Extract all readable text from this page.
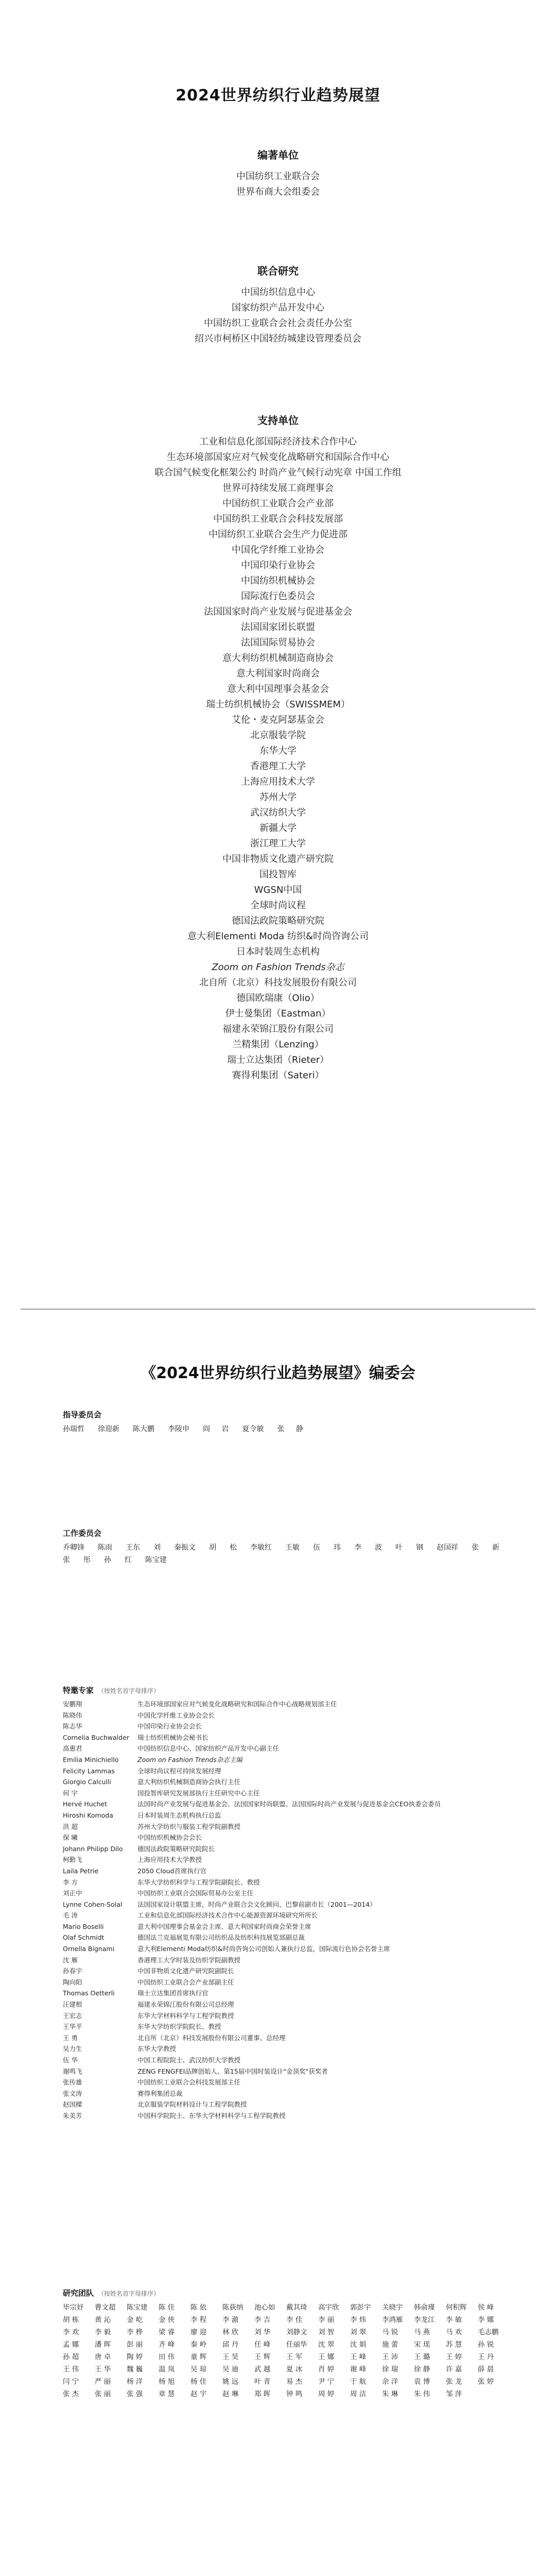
2024世界纺织行业趋势展望
编著单位
中国纺织工业联合会
世界布商大会组委会
联合研究
中国纺织信息中心
国家纺织产品开发中心
中国纺织工业联合会社会责任办公室
绍兴市柯桥区中国轻纺城建设管理委员会
支持单位
工业和信息化部国际经济技术合作中心
生态环境部国家应对气候变化战略研究和国际合作中心
联合国气候变化框架公约 时尚产业气候行动宪章 中国工作组
世界可持续发展工商理事会
中国纺织工业联合会产业部
中国纺织工业联合会科技发展部
中国纺织工业联合会生产力促进部
中国化学纤维工业协会
中国印染行业协会
中国纺织机械协会
国际流行色委员会
法国国家时尚产业发展与促进基金会
法国国家团长联盟
法国国际贸易协会
意大利纺织机械制造商协会
意大利国家时尚商会
意大利中国理事会基金会
瑞士纺织机械协会（SWISSMEM）
艾伦・麦克阿瑟基金会
北京服装学院
东华大学
香港理工大学
上海应用技术大学
苏州大学
武汉纺织大学
新疆大学
浙江理工大学
中国非物质文化遗产研究院
国投智库
WGSN中国
全球时尚议程
德国法政院策略研究院
意大利Elementi Moda 纺织&时尚咨询公司
日本时装周生态机构
Zoom on Fashion Trends杂志
北自所（北京）科技发展股份有限公司
德国欧瑞康（Olio）
伊士曼集团（Eastman）
福建永荣锦江股份有限公司
兰精集团（Lenzing）
瑞士立达集团（Rieter）
赛得利集团（Sateri）
《2024世界纺织行业趋势展望》编委会
指导委员会
孙瑞哲 徐迎新 陈大鹏 李陵申 阎 岩 夏令敏 张 静
工作委员会
乔卿锋 陈雨 王东 刘 秦振文 胡 松 李敏红 王敏 伍 玮 李 波 叶 钢 赵国祥 张 新张 彤 孙 红 陈宝建
特邀专家 （按姓名首字母排序）
安鹏翔	生态环境部国家应对气候变化战略研究和国际合作中心战略规划部主任
陈晓伟	中国化学纤维工业协会会长
陈志华	中国印染行业协会会长
Cornelia Buchwalder	瑞士纺织机械协会秘书长
高惠君	中国纺织信息中心、国家纺织产品开发中心副主任
Emilia Minichiello	Zoom on Fashion Trends杂志主编
Felicity Lammas	全球时尚议程可持续发展经理
Giorgio Calculli	意大利纺织机械制造商协会执行主任
何 宇	国投智库研究发展部执行主任研究中心主任
Hervé Huchet	法国时尚产业发展与促进基金会、法国国家时尚联盟、法国国际时尚产业发展与促进基金会CEO执委会委员
Hiroshi Komoda	日本时装周生态机构执行总监
洪 超	苏州大学纺织与服装工程学院副教授
保 曦	中国纺织机械协会会长
Johann Philipp Dilo	德国法政院策略研究院院长
柯勤飞	上海应用技术大学教授
Laila Petrie	2050 Cloud首席执行官
李 方	东华大学纺织科学与工程学院副院长、教授
刘正中	中国纺织工业联合会国际贸易办公室主任
Lynne Cohen-Solal	法国国家设计联盟主席，时尚产业联合会文化顾问、巴黎前副市长（2001—2014）
毛 涛	工业和信息化部国际经济技术合作中心能源资源环境研究所所长
Mario Boselli	意大利中国理事会基金会主席、意大利国家时尚商会荣誉主席
Olaf Schmidt	德国法兰克福展览有限公司纺织品及纺织科技展览部副总裁
Ornella Bignami	意大利Elementi Moda纺织&时尚咨询公司创始人兼执行总监，国际流行色协会名誉主席
沈 雁	香港理工大学时装及纺织学院副教授
孙春宇	中国非物质文化遗产研究院副院长
陶向阳	中国纺织工业联合会产业部副主任
Thomas Oetterli	瑞士立达集团首席执行官
汪建根	福建永荣锦江股份有限公司总经理
王宏志	东华大学材料科学与工程学院教授
王华平	东华大学纺织学院院长、教授
王 勇	北自所（北京）科技发展股份有限公司董事、总经理
吴力生	东华大学教授
伍 华	中国工程院院士、武汉纺织大学教授
谢鸣飞	ZENG FENGFEI品牌创始人、第15届中国时装设计"金顶奖"获奖者
张传雄	中国纺织工业联合会科技发展部主任
张文涛	赛得利集团总裁
赵国樑	北京服装学院材料设计与工程学院教授
朱美芳	中国科学院院士、东华大学材料科学与工程学院教授
研究团队 （按姓名首字母排序）
毕宗妤	曹文超	陈宝建	陈 佳	陈 依	陈荻纳	池心如	戴其琦	高宇欣	郭彭宇	关晓宇	韩俞瑾	何积辉	侯 峰
胡 栋	黄 沁	金 屹	金 侠	李 程	李 澈	李 吉	李 佳	李 丽	李 炜	李鸿雁	李龙江	李 敏	李 娜
李 欢	李 毅	李 桦	梁 睿	廖 迎	林 欣	刘 华	刘静文	刘 智	刘 翠	马 锐	马 燕	马 欢	毛志鹏
孟 娜	潘 晖	彭 丽	齐 峰	秦 岭	邱 丹	任 峰	任丽华	沈 翠	沈 娟	施 蕾	宋 瑶	苏 慧	孙 锐
孙 超	唐 卓	陶 婷	田 伟	童 辉	王 昊	王 辉	王 军	王 娜	王 峰	王 沛	王 璐	王 婷	王 丹
王 伟	王 华	魏 巍	温 岚	吴 琼	吴 迪	武 越	夏 冰	肖 婷	谢 峰	徐 瑞	徐 静	许 嘉	薛 晨
闫 宁	严 丽	杨 洋	杨 旭	杨 佳	姚 远	叶 青	易 杰	尹 宁	于 航	余 洋	袁 博	张 龙	张 婷
张 杰	张 丽	张 强	章 慧	赵 宇	赵 琳	郑 晖	钟 鸣	周 婷	周 洁	朱 琳	朱 伟	邹 萍
